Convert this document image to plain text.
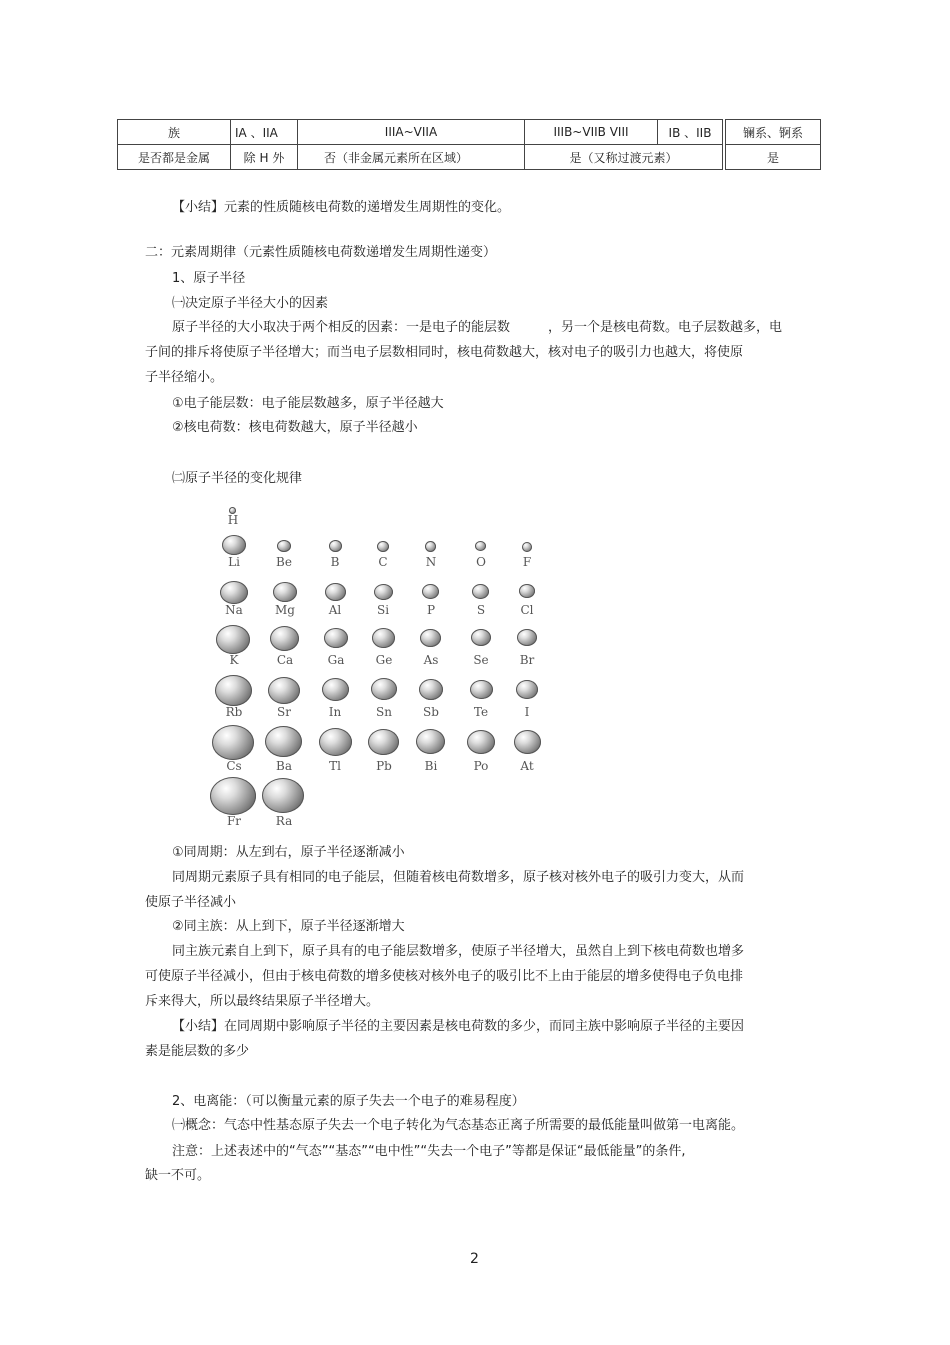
族	IA 、IIA	IIIA~VIIA	IIIB~VIIB VIII	IB 、IIB		镧系、锕系
是否都是金属	除 H 外	否（非金属元素所在区域）	是（又称过渡元素）			是
【小结】元素的性质随核电荷数的递增发生周期性的变化。
二：元素周期律（元素性质随核电荷数递增发生周期性递变）
1、原子半径
㈠决定原子半径大小的因素
原子半径的大小取决于两个相反的因素：一是电子的能层数	，另一个是核电荷数。电子层数越多，电
子间的排斥将使原子半径增大；而当电子层数相同时，核电荷数越大，核对电子的吸引力也越大，将使原
子半径缩小。
①电子能层数：电子能层数越多，原子半径越大
②核电荷数：核电荷数越大，原子半径越小
㈡原子半径的变化规律
H
Li	Be	B	C	N	O	F
Na	Mg	Al	Si	P	S	Cl
K	Ca	Ga	Ge	As	Se	Br
Rb	Sr	In	Sn	Sb	Te	I
Cs	Ba	Tl	Pb	Bi	Po	At
Fr	Ra
①同周期：从左到右，原子半径逐渐减小
同周期元素原子具有相同的电子能层，但随着核电荷数增多，原子核对核外电子的吸引力变大，从而
使原子半径减小
②同主族：从上到下，原子半径逐渐增大
同主族元素自上到下，原子具有的电子能层数增多，使原子半径增大，虽然自上到下核电荷数也增多
可使原子半径减小，但由于核电荷数的增多使核对核外电子的吸引比不上由于能层的增多使得电子负电排
斥来得大，所以最终结果原子半径增大。
【小结】在同周期中影响原子半径的主要因素是核电荷数的多少，而同主族中影响原子半径的主要因
素是能层数的多少
2、电离能：（可以衡量元素的原子失去一个电子的难易程度）
㈠概念：气态中性基态原子失去一个电子转化为气态基态正离子所需要的最低能量叫做第一电离能。
注意：上述表述中的“气态”“基态”“电中性”“失去一个电子”等都是保证“最低能量”的条件,
缺一不可。
2
